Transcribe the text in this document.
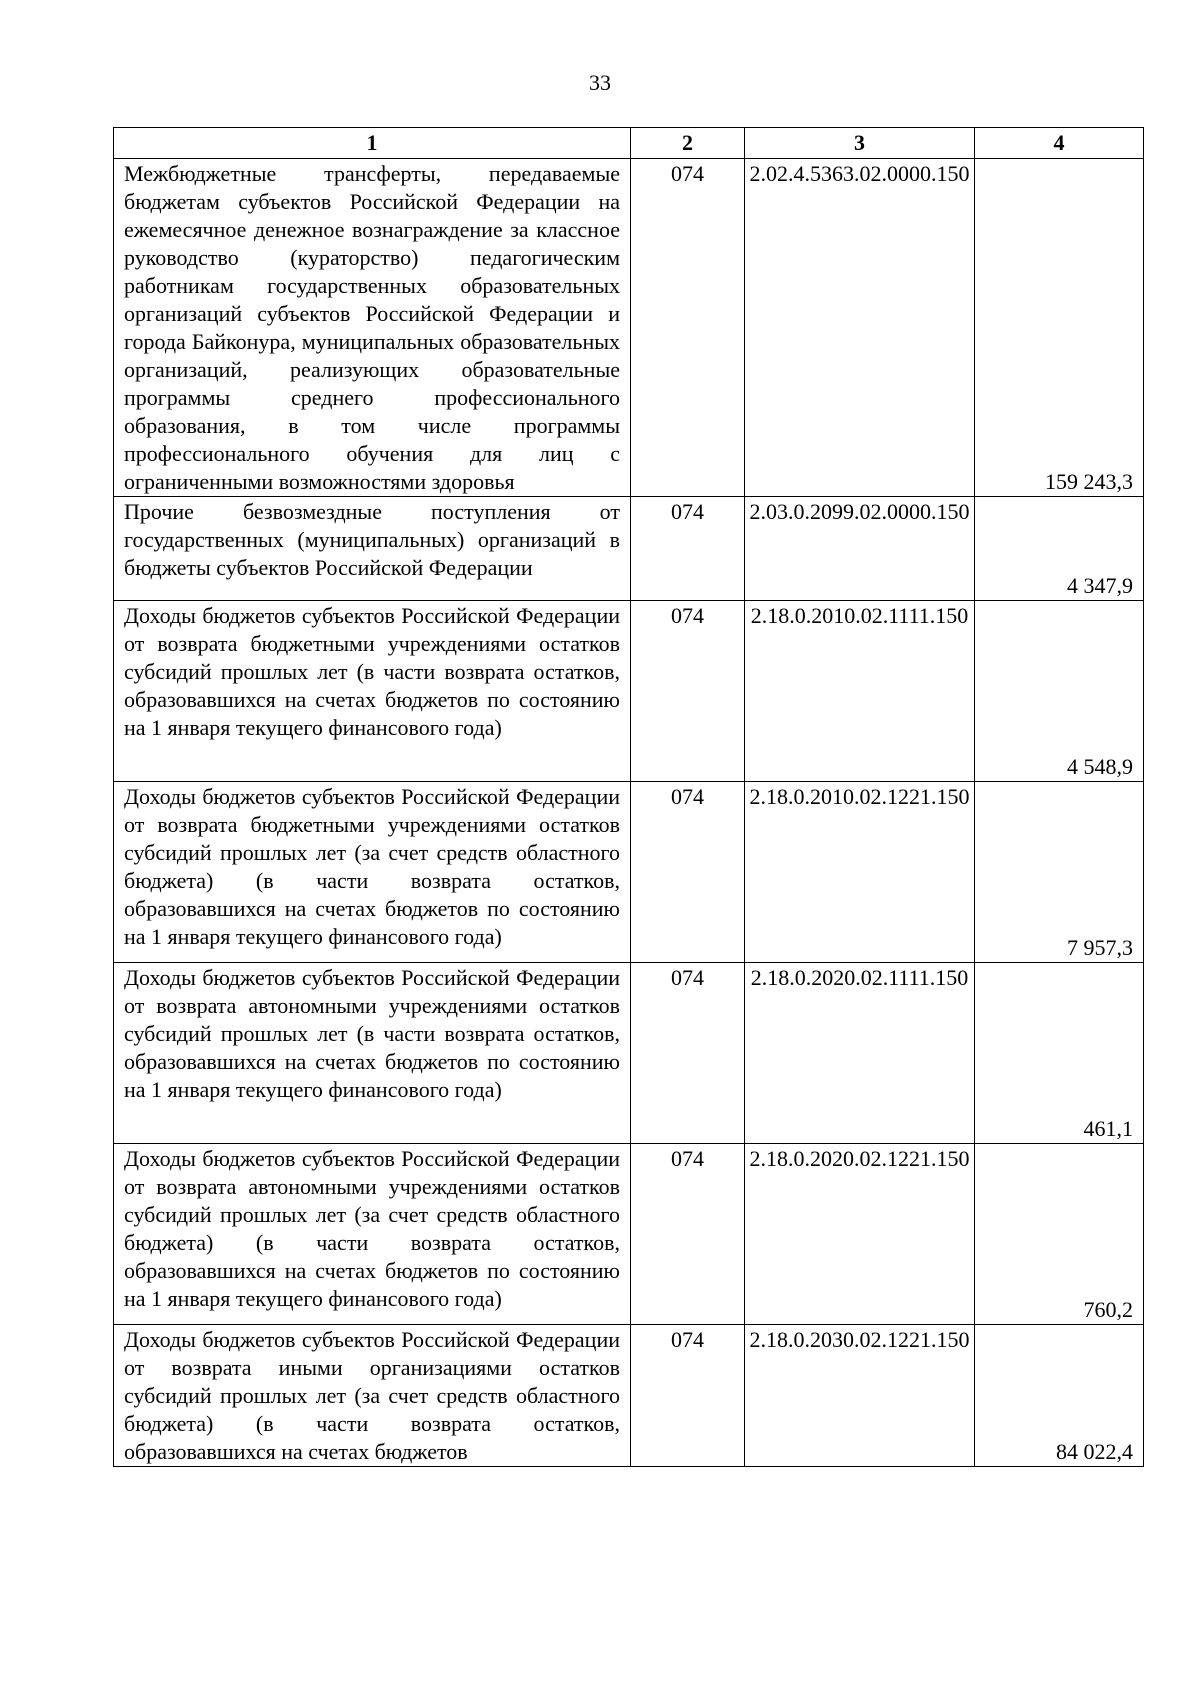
33
1	2	3	4
Межбюджетные трансферты, передаваемые бюджетам субъектов Российской Федерации на ежемесячное денежное вознаграждение за классное руководство (кураторство) педагогическим работникам государственных образовательных организаций субъектов Российской Федерации и города Байконура, муниципальных образовательных организаций, реализующих образовательные программы среднего профессионального образования, в том числе программы профессионального обучения для лиц с ограниченными возможностями здоровья	074	2.02.4.5363.02.0000.150	159 243,3
Прочие безвозмездные поступления от государственных (муниципальных) организаций в бюджеты субъектов Российской Федерации	074	2.03.0.2099.02.0000.150	4 347,9
Доходы бюджетов субъектов Российской Федерации от возврата бюджетными учреждениями остатков субсидий прошлых лет (в части возврата остатков, образовавшихся на счетах бюджетов по состоянию на 1 января текущего финансового года)	074	2.18.0.2010.02.1111.150	4 548,9
Доходы бюджетов субъектов Российской Федерации от возврата бюджетными учреждениями остатков субсидий прошлых лет (за счет средств областного бюджета) (в части возврата остатков, образовавшихся на счетах бюджетов по состоянию на 1 января текущего финансового года)	074	2.18.0.2010.02.1221.150	7 957,3
Доходы бюджетов субъектов Российской Федерации от возврата автономными учреждениями остатков субсидий прошлых лет (в части возврата остатков, образовавшихся на счетах бюджетов по состоянию на 1 января текущего финансового года)	074	2.18.0.2020.02.1111.150	461,1
Доходы бюджетов субъектов Российской Федерации от возврата автономными учреждениями остатков субсидий прошлых лет (за счет средств областного бюджета) (в части возврата остатков, образовавшихся на счетах бюджетов по состоянию на 1 января текущего финансового года)	074	2.18.0.2020.02.1221.150	760,2
Доходы бюджетов субъектов Российской Федерации от возврата иными организациями остатков субсидий прошлых лет (за счет средств областного бюджета) (в части возврата остатков, образовавшихся на счетах бюджетов	074	2.18.0.2030.02.1221.150	84 022,4
